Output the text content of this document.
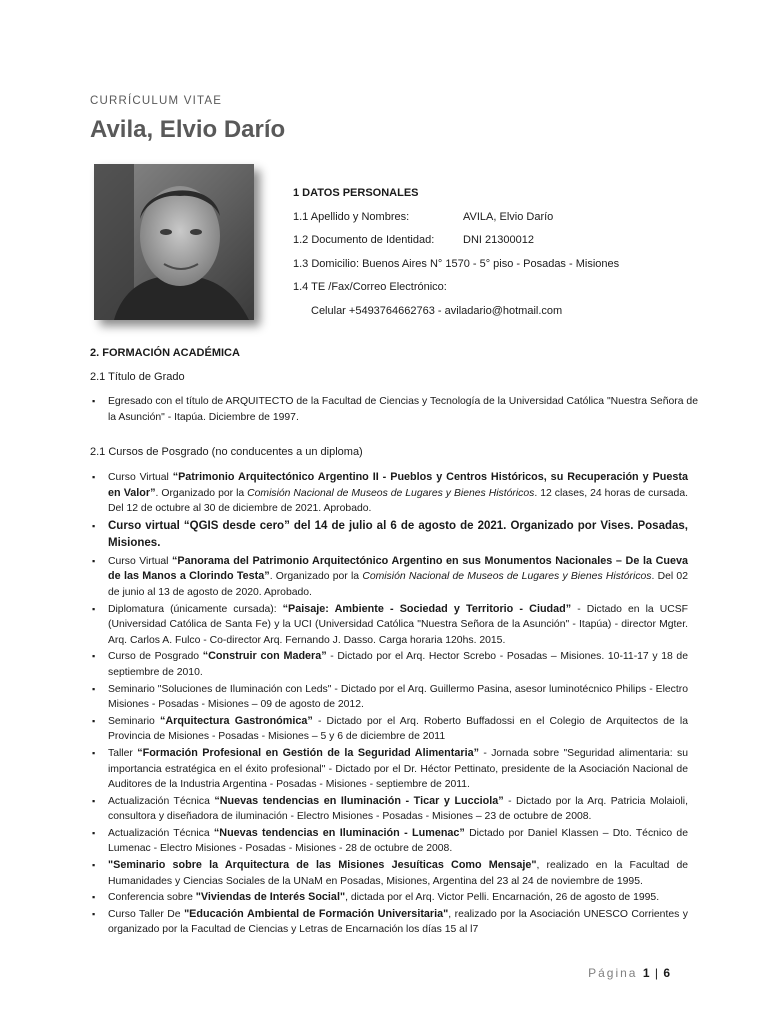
CURRÍCULUM VITAE
Avila, Elvio Darío
1 DATOS PERSONALES
1.1 Apellido y Nombres:	AVILA, Elvio Darío
1.2 Documento de Identidad:	DNI 21300012
1.3 Domicilio: Buenos Aires N° 1570 - 5° piso - Posadas - Misiones
1.4 TE /Fax/Correo Electrónico:
Celular +5493764662763 - aviladario@hotmail.com
2. FORMACIÓN ACADÉMICA
2.1 Título de Grado
▪ Egresado con el título de ARQUITECTO de la Facultad de Ciencias y Tecnología de la Universidad Católica "Nuestra Señora de la Asunción" - Itapúa. Diciembre de 1997.
2.1 Cursos de Posgrado (no conducentes a un diploma)
▪ Curso Virtual “Patrimonio Arquitectónico Argentino II - Pueblos y Centros Históricos, su Recuperación y Puesta en Valor”. Organizado por la Comisión Nacional de Museos de Lugares y Bienes Históricos. 12 clases, 24 horas de cursada. Del 12 de octubre al 30 de diciembre de 2021. Aprobado.
▪ Curso virtual “QGIS desde cero” del 14 de julio al 6 de agosto de 2021. Organizado por Vises. Posadas, Misiones.
▪ Curso Virtual “Panorama del Patrimonio Arquitectónico Argentino en sus Monumentos Nacionales – De la Cueva de las Manos a Clorindo Testa”. Organizado por la Comisión Nacional de Museos de Lugares y Bienes Históricos. Del 02 de junio al 13 de agosto de 2020. Aprobado.
▪ Diplomatura (únicamente cursada): “Paisaje: Ambiente - Sociedad y Territorio - Ciudad” - Dictado en la UCSF (Universidad Católica de Santa Fe) y la UCI (Universidad Católica "Nuestra Señora de la Asunción" - Itapúa) - director Mgter. Arq. Carlos A. Fulco - Co-director Arq. Fernando J. Dasso. Carga horaria 120hs. 2015.
▪ Curso de Posgrado “Construir con Madera” - Dictado por el Arq. Hector Screbo - Posadas – Misiones. 10-11-17 y 18 de septiembre de 2010.
▪ Seminario "Soluciones de Iluminación con Leds" - Dictado por el Arq. Guillermo Pasina, asesor luminotécnico Philips - Electro Misiones - Posadas - Misiones – 09 de agosto de 2012.
▪ Seminario “Arquitectura Gastronómica” - Dictado por el Arq. Roberto Buffadossi en el Colegio de Arquitectos de la Provincia de Misiones - Posadas - Misiones – 5 y 6 de diciembre de 2011
▪ Taller “Formación Profesional en Gestión de la Seguridad Alimentaria” - Jornada sobre "Seguridad alimentaria: su importancia estratégica en el éxito profesional" - Dictado por el Dr. Héctor Pettinato, presidente de la Asociación Nacional de Auditores de la Industria Argentina - Posadas - Misiones - septiembre de 2011.
▪ Actualización Técnica “Nuevas tendencias en Iluminación - Ticar y Lucciola” - Dictado por la Arq. Patricia Molaioli, consultora y diseñadora de iluminación - Electro Misiones - Posadas - Misiones – 23 de octubre de 2008.
▪ Actualización Técnica “Nuevas tendencias en Iluminación - Lumenac” Dictado por Daniel Klassen – Dto. Técnico de Lumenac - Electro Misiones - Posadas - Misiones - 28 de octubre de 2008.
▪ "Seminario sobre la Arquitectura de las Misiones Jesuíticas Como Mensaje", realizado en la Facultad de Humanidades y Ciencias Sociales de la UNaM en Posadas, Misiones, Argentina del 23 al 24 de noviembre de 1995.
▪ Conferencia sobre "Viviendas de Interés Social", dictada por el Arq. Victor Pelli. Encarnación, 26 de agosto de 1995.
▪ Curso Taller De "Educación Ambiental de Formación Universitaria", realizado por la Asociación UNESCO Corrientes y organizado por la Facultad de Ciencias y Letras de Encarnación los días 15 al l7
Página 1 | 6
